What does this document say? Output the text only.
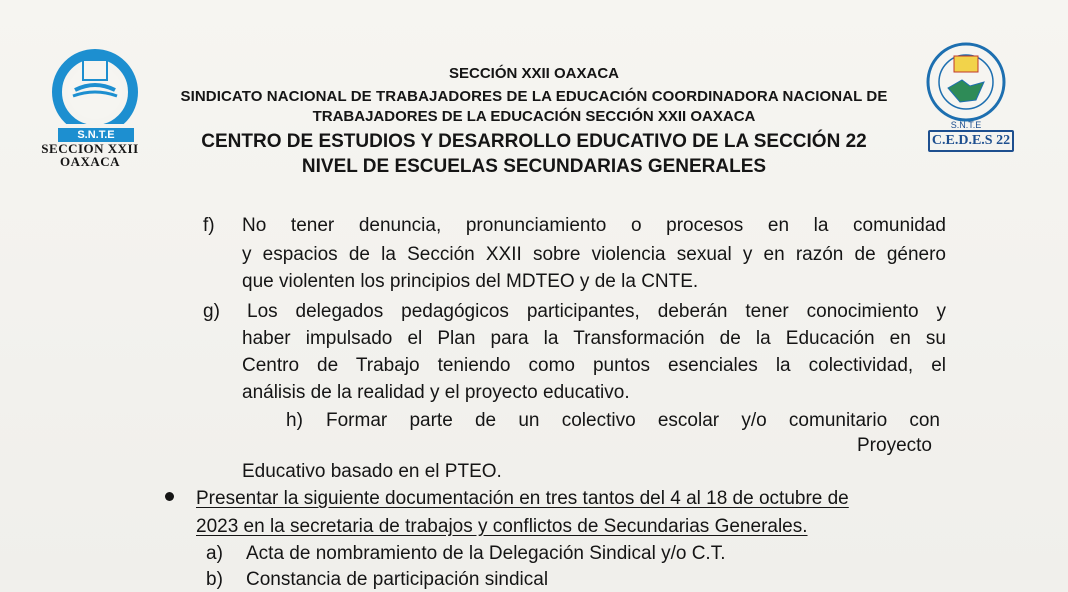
S.N.T.E
SECCION XXII
OAXACA
S.N.T.E
C.E.D.E.S 22
SECCIÓN XXII OAXACA
SINDICATO NACIONAL DE TRABAJADORES DE LA EDUCACIÓN COORDINADORA NACIONAL DE
TRABAJADORES DE LA EDUCACIÓN SECCIÓN XXII OAXACA
CENTRO DE ESTUDIOS Y DESARROLLO EDUCATIVO DE LA SECCIÓN 22
NIVEL DE ESCUELAS SECUNDARIAS GENERALES
f) No tener denuncia, pronunciamiento o procesos en la comunidad
y espacios de la Sección XXII sobre violencia sexual y en razón de género
que violenten los principios del MDTEO y de la CNTE.
g) Los delegados pedagógicos participantes, deberán tener conocimiento y
haber impulsado el Plan para la Transformación de la Educación en su
Centro de Trabajo teniendo como puntos esenciales la colectividad, el
análisis de la realidad y el proyecto educativo.
h) Formar parte de un colectivo escolar y/o comunitario con
Proyecto
Educativo basado en el PTEO.
Presentar la siguiente documentación en tres tantos del 4 al 18 de octubre de
2023 en la secretaria de trabajos y conflictos de Secundarias Generales.
a) Acta de nombramiento de la Delegación Sindical y/o C.T.
b) Constancia de participación sindical
